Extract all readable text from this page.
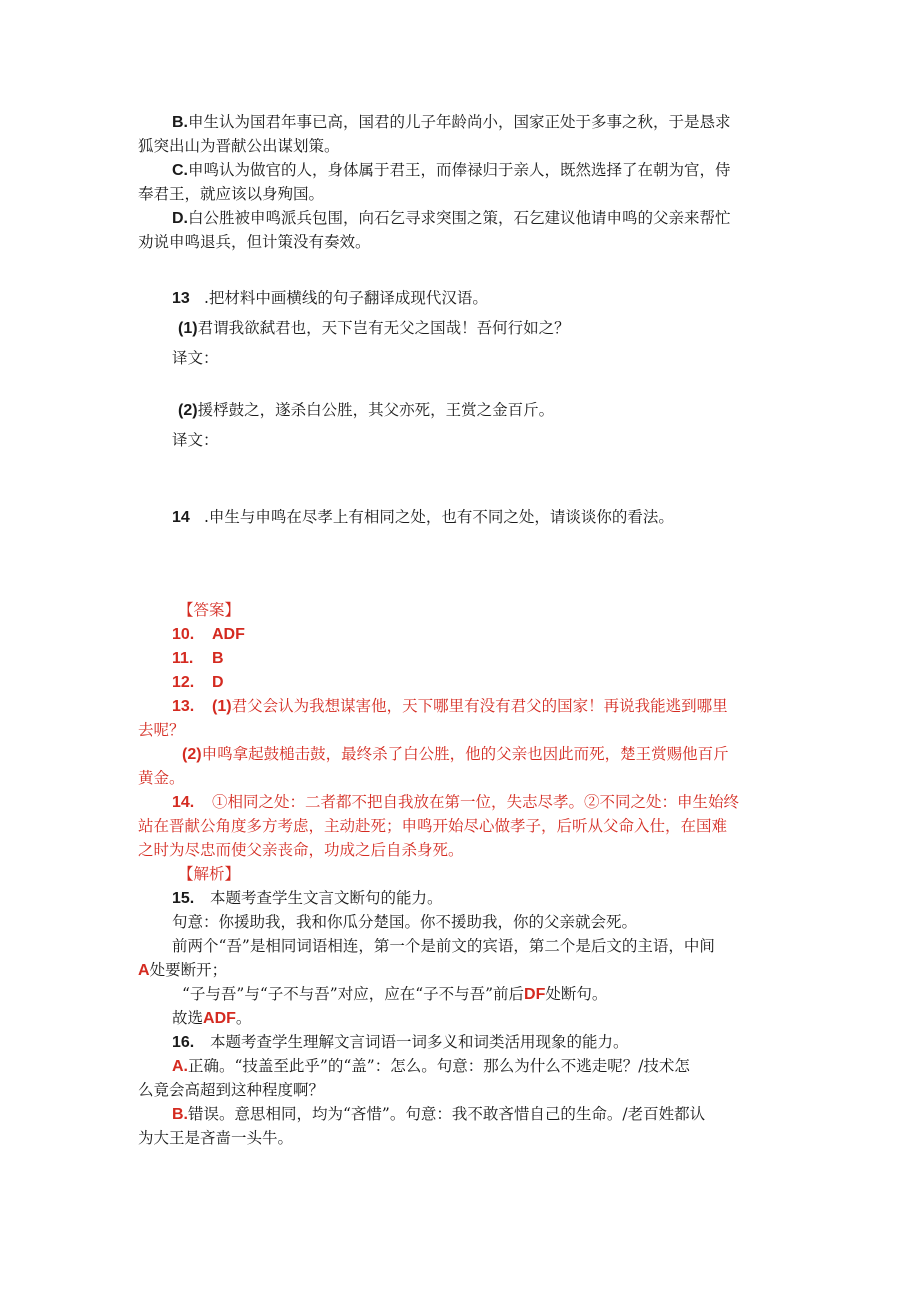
B.申生认为国君年事已高，国君的儿子年龄尚小，国家正处于多事之秋，于是恳求
狐突出山为晋献公出谋划策。
C.申鸣认为做官的人，身体属于君王，而俸禄归于亲人，既然选择了在朝为官，侍
奉君王，就应该以身殉国。
D.白公胜被申鸣派兵包围，向石乞寻求突围之策，石乞建议他请申鸣的父亲来帮忙
劝说申鸣退兵，但计策没有奏效。
13 .把材料中画横线的句子翻译成现代汉语。
(1)君谓我欲弑君也，天下岂有无父之国哉！吾何行如之？
译文：
(2)援桴鼓之，遂杀白公胜，其父亦死，王赏之金百斤。
译文：
14 .申生与申鸣在尽孝上有相同之处，也有不同之处，请谈谈你的看法。
【答案】
10. ADF
11. B
12. D
13. (1)君父会认为我想谋害他，天下哪里有没有君父的国家！再说我能逃到哪里
去呢？
(2)申鸣拿起鼓槌击鼓，最终杀了白公胜，他的父亲也因此而死，楚王赏赐他百斤
黄金。
14. ①相同之处：二者都不把自我放在第一位，失志尽孝。②不同之处：申生始终
站在晋献公角度多方考虑，主动赴死；申鸣开始尽心做孝子，后听从父命入仕，在国难
之时为尽忠而使父亲丧命，功成之后自杀身死。
【解析】
15. 本题考查学生文言文断句的能力。
句意：你援助我，我和你瓜分楚国。你不援助我，你的父亲就会死。
前两个“吾”是相同词语相连，第一个是前文的宾语，第二个是后文的主语，中间
A处要断开；
“子与吾”与“子不与吾”对应，应在“子不与吾”前后DF处断句。
故选ADF。
16. 本题考查学生理解文言词语一词多义和词类活用现象的能力。
A.正确。“技盖至此乎”的“盖”：怎么。句意：那么为什么不逃走呢？/技术怎
么竟会高超到这种程度啊？
B.错误。意思相同，均为“吝惜”。句意：我不敢吝惜自己的生命。/老百姓都认
为大王是吝啬一头牛。
